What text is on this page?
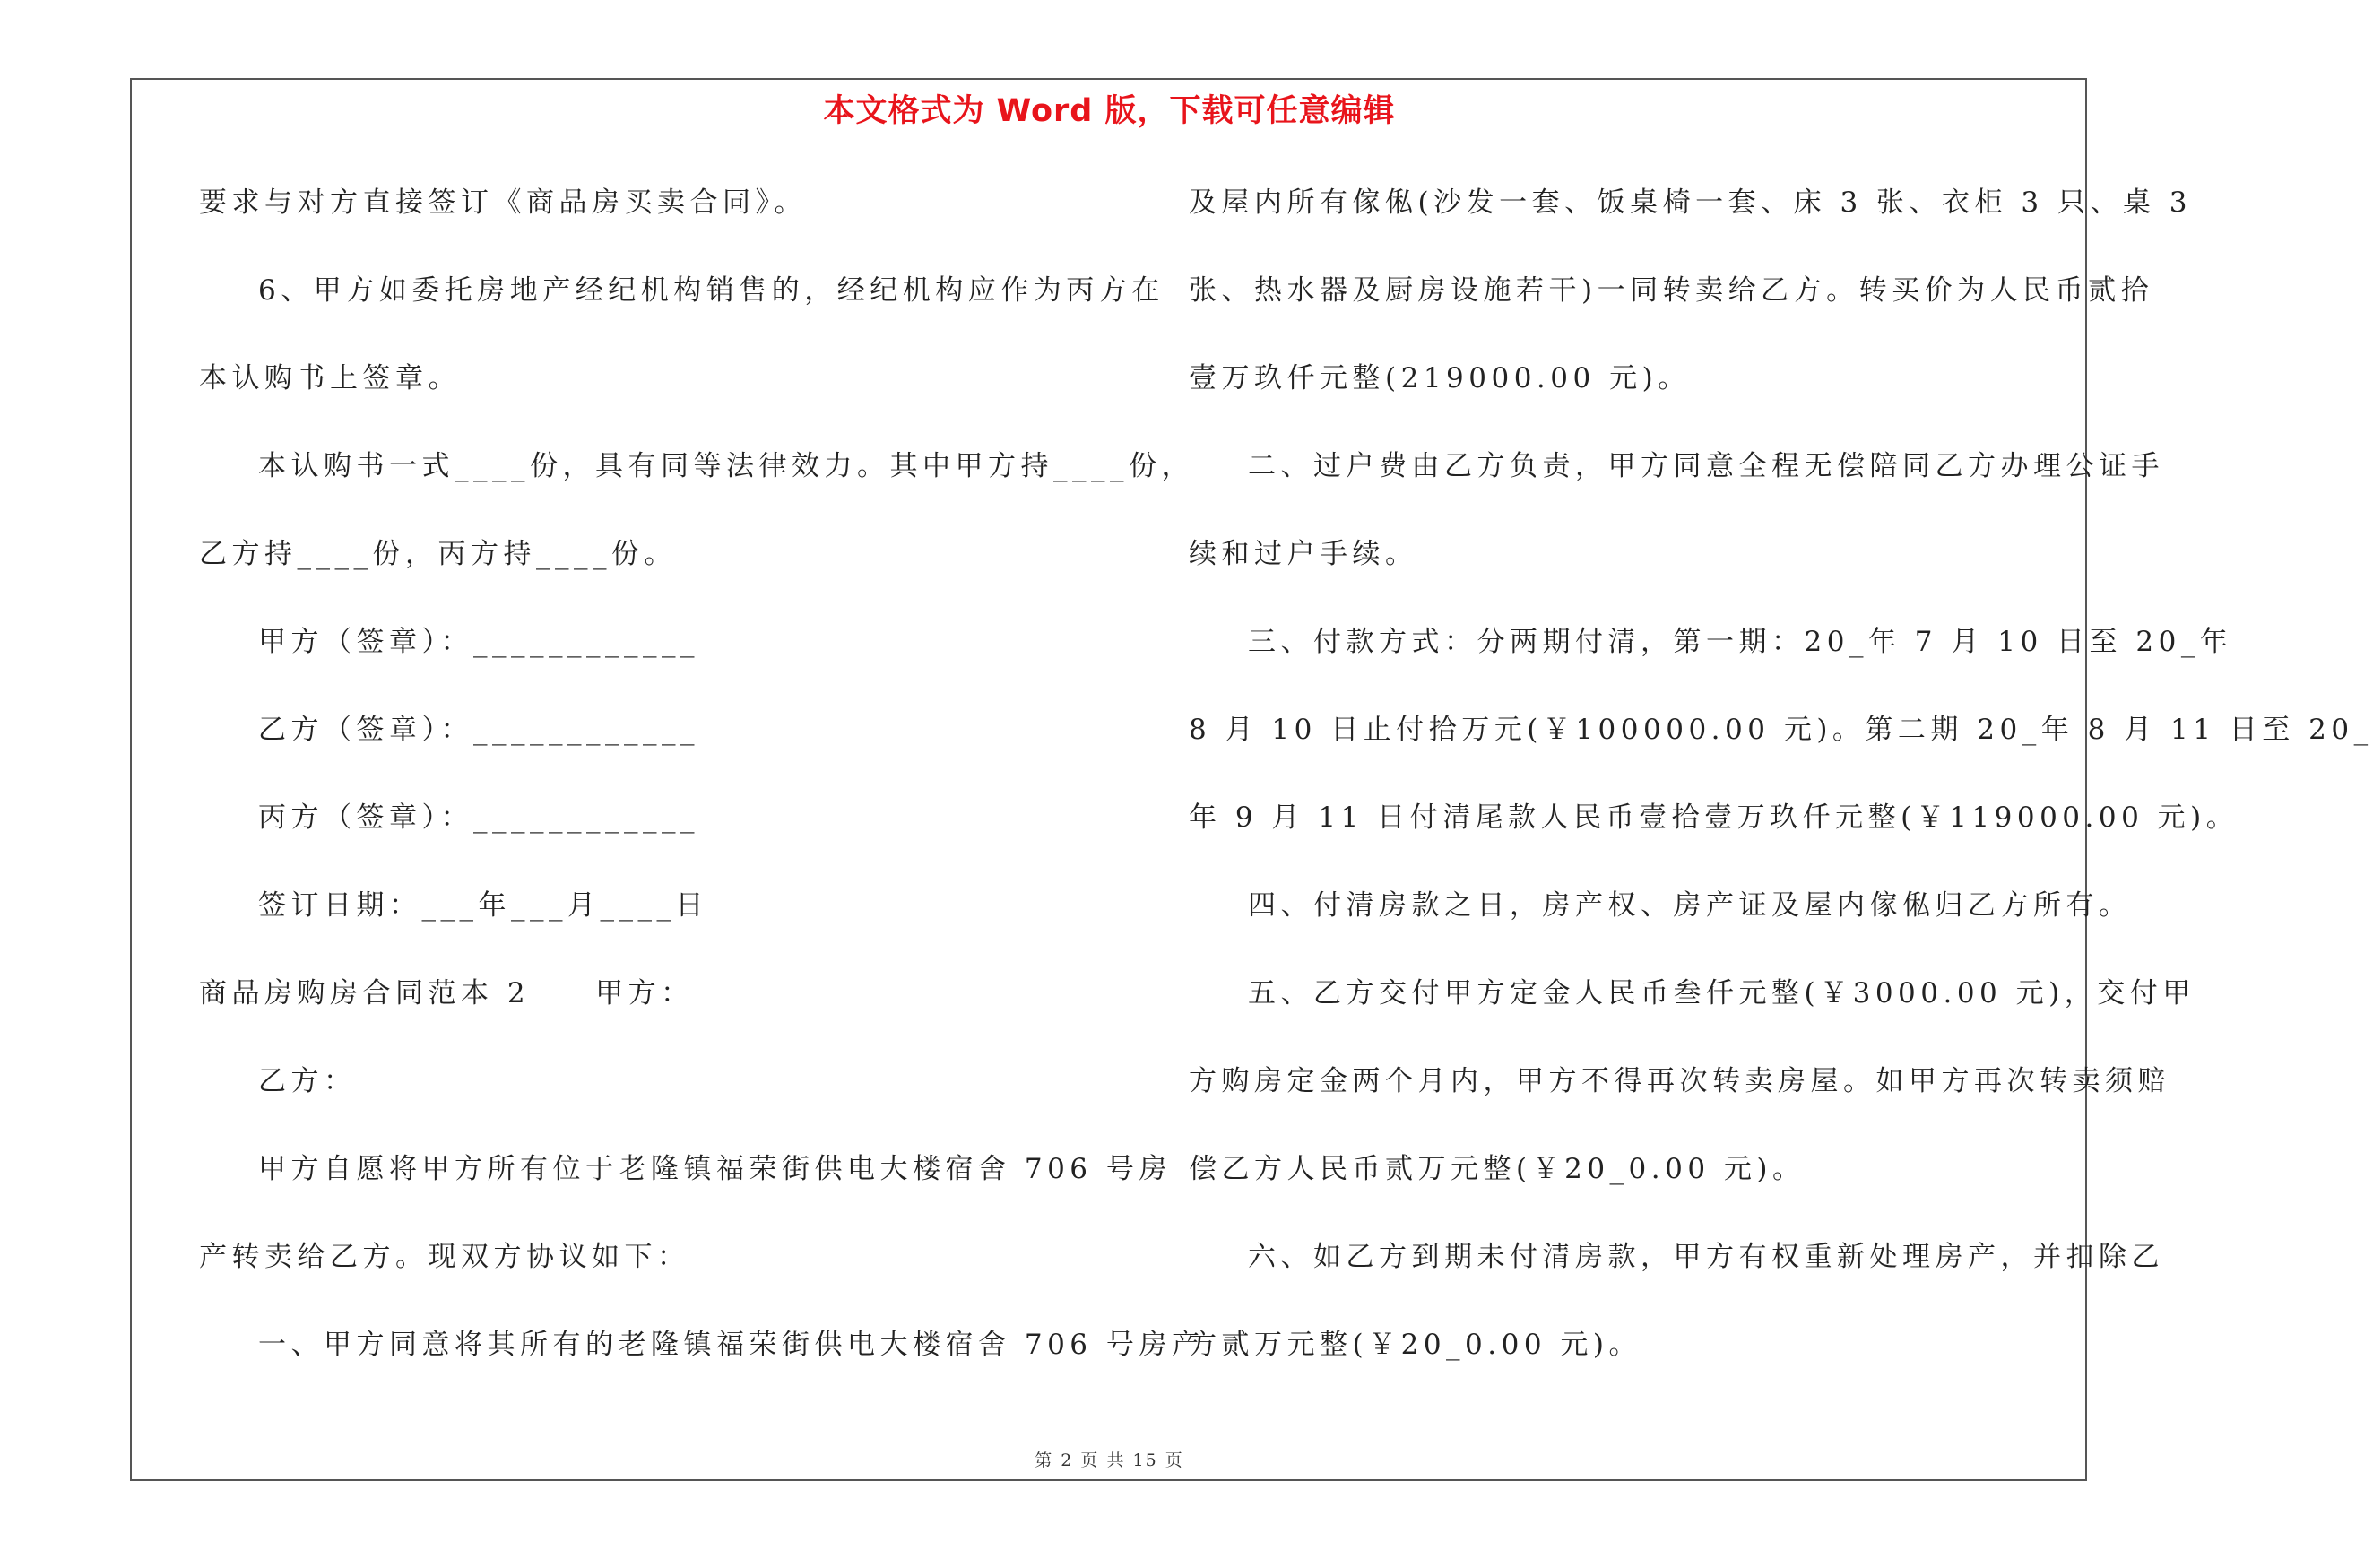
本文格式为 Word 版，下载可任意编辑
要求与对方直接签订《商品房买卖合同》。
6、甲方如委托房地产经纪机构销售的，经纪机构应作为丙方在
本认购书上签章。
本认购书一式____份，具有同等法律效力。其中甲方持____份，
乙方持____份，丙方持____份。
甲方（签章）：____________
乙方（签章）：____________
丙方（签章）：____________
签订日期：___年___月____日
商品房购房合同范本 2　　甲方：
乙方：
甲方自愿将甲方所有位于老隆镇福荣街供电大楼宿舍 706 号房
产转卖给乙方。现双方协议如下：
一、甲方同意将其所有的老隆镇福荣街供电大楼宿舍 706 号房产
及屋内所有傢俬(沙发一套、饭桌椅一套、床 3 张、衣柜 3 只、桌 3
张、热水器及厨房设施若干)一同转卖给乙方。转买价为人民币贰拾
壹万玖仟元整(219000.00 元)。
二、过户费由乙方负责，甲方同意全程无偿陪同乙方办理公证手
续和过户手续。
三、付款方式：分两期付清，第一期：20_年 7 月 10 日至 20_年
8 月 10 日止付拾万元(￥100000.00 元)。第二期 20_年 8 月 11 日至 20_
年 9 月 11 日付清尾款人民币壹拾壹万玖仟元整(￥119000.00 元)。
四、付清房款之日，房产权、房产证及屋内傢俬归乙方所有。
五、乙方交付甲方定金人民币叁仟元整(￥3000.00 元)，交付甲
方购房定金两个月内，甲方不得再次转卖房屋。如甲方再次转卖须赔
偿乙方人民币贰万元整(￥20_0.00 元)。
六、如乙方到期未付清房款，甲方有权重新处理房产，并扣除乙
方贰万元整(￥20_0.00 元)。
第 2 页 共 15 页
